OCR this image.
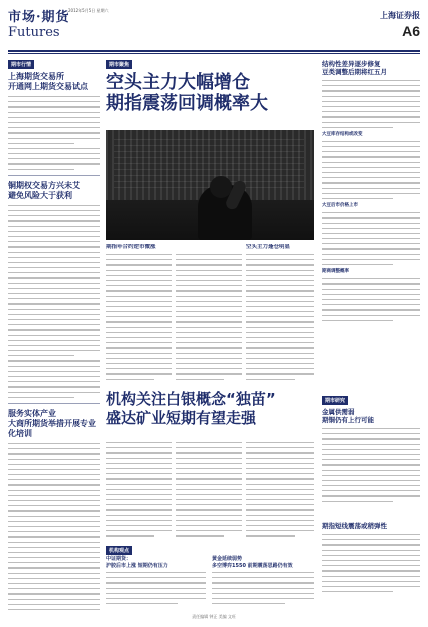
市场·期货
2012年5月5日 星期六
Futures
上海证券报
A6
期市行情
上海期货交易所
开通网上期货交易试点
铜期权交易方兴未艾
避免风险大于获利
服务实体产业
大商所期货举措开展专业化培训
期市聚焦
空头主力大幅增仓
期指震荡回调概率大
期指年合约逆市微涨	空头主力逢仓明显
机构关注白银概念“独苗”
盛达矿业短期有望走强
机构观点
中证期货：
沪胶后市上涨 短期仍有压力
黄金延续弱势
多空博弈1550 前期震荡思路仍有效
结构性差异逐步修复
豆类调整后期将红五月
大豆库存结构或改变
大豆后市价格上市
期商调整概率
期市研究
金属供需弱
期铜仍有上行可能
期指短线震荡或稍弹性
责任编辑 钟正 美编 文旺
